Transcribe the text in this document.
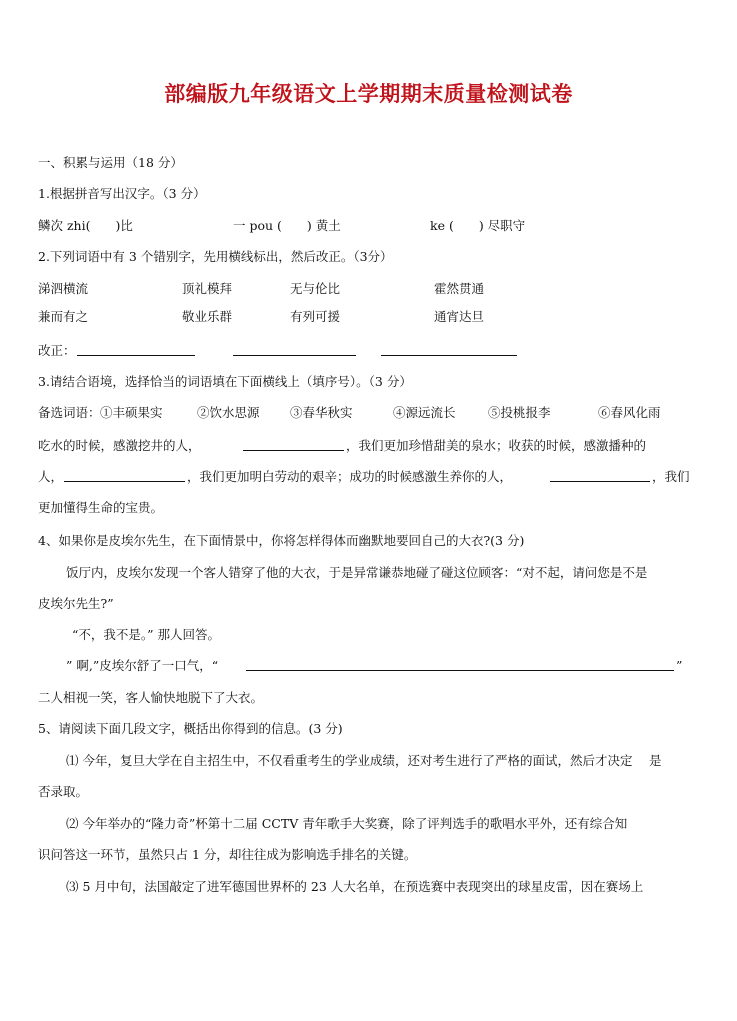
部编版九年级语文上学期期末质量检测试卷
一、积累与运用（18 分）
1.根据拼音写出汉字。（3 分）
鳞次 zhi(　　)比	一 pou (　　) 黄土	ke (　　) 尽职守
2.下列词语中有 3 个错别字，先用横线标出，然后改正。（3分）
涕泗横流	顶礼模拜	无与伦比	霍然贯通
兼而有之	敬业乐群	有列可援	通宵达旦
改正：
3.请结合语境，选择恰当的词语填在下面横线上（填序号）。（3 分）
备选词语： ①丰硕果实	②饮水思源 ③春华秋实	④源远流长	⑤投桃报李	⑥春风化雨
吃水的时候，感激挖井的人，	，我们更加珍惜甜美的泉水；收获的时候，感激播种的
人，	，我们更加明白劳动的艰辛；成功的时候感激生养你的人，	，我们
更加懂得生命的宝贵。
4、如果你是皮埃尔先生，在下面情景中，你将怎样得体而幽默地要回自己的大衣?(3 分)
饭厅内，皮埃尔发现一个客人错穿了他的大衣，于是异常谦恭地碰了碰这位顾客：“对不起，请问您是不是
皮埃尔先生?”
“不，我不是。” 那人回答。
” 啊,”皮埃尔舒了一口气，“	”
二人相视一笑，客人愉快地脱下了大衣。
5、请阅读下面几段文字，概括出你得到的信息。(3 分)
⑴ 今年，复旦大学在自主招生中，不仅看重考生的学业成绩，还对考生进行了严格的面试，然后才决定　 是
否录取。
⑵ 今年举办的“隆力奇”杯第十二届 CCTV 青年歌手大奖赛，除了评判选手的歌唱水平外，还有综合知
识问答这一环节，虽然只占 1 分，却往往成为影响选手排名的关键。
⑶ 5 月中旬，法国敲定了进军德国世界杯的 23 人大名单，在预选赛中表现突出的球星皮雷，因在赛场上
